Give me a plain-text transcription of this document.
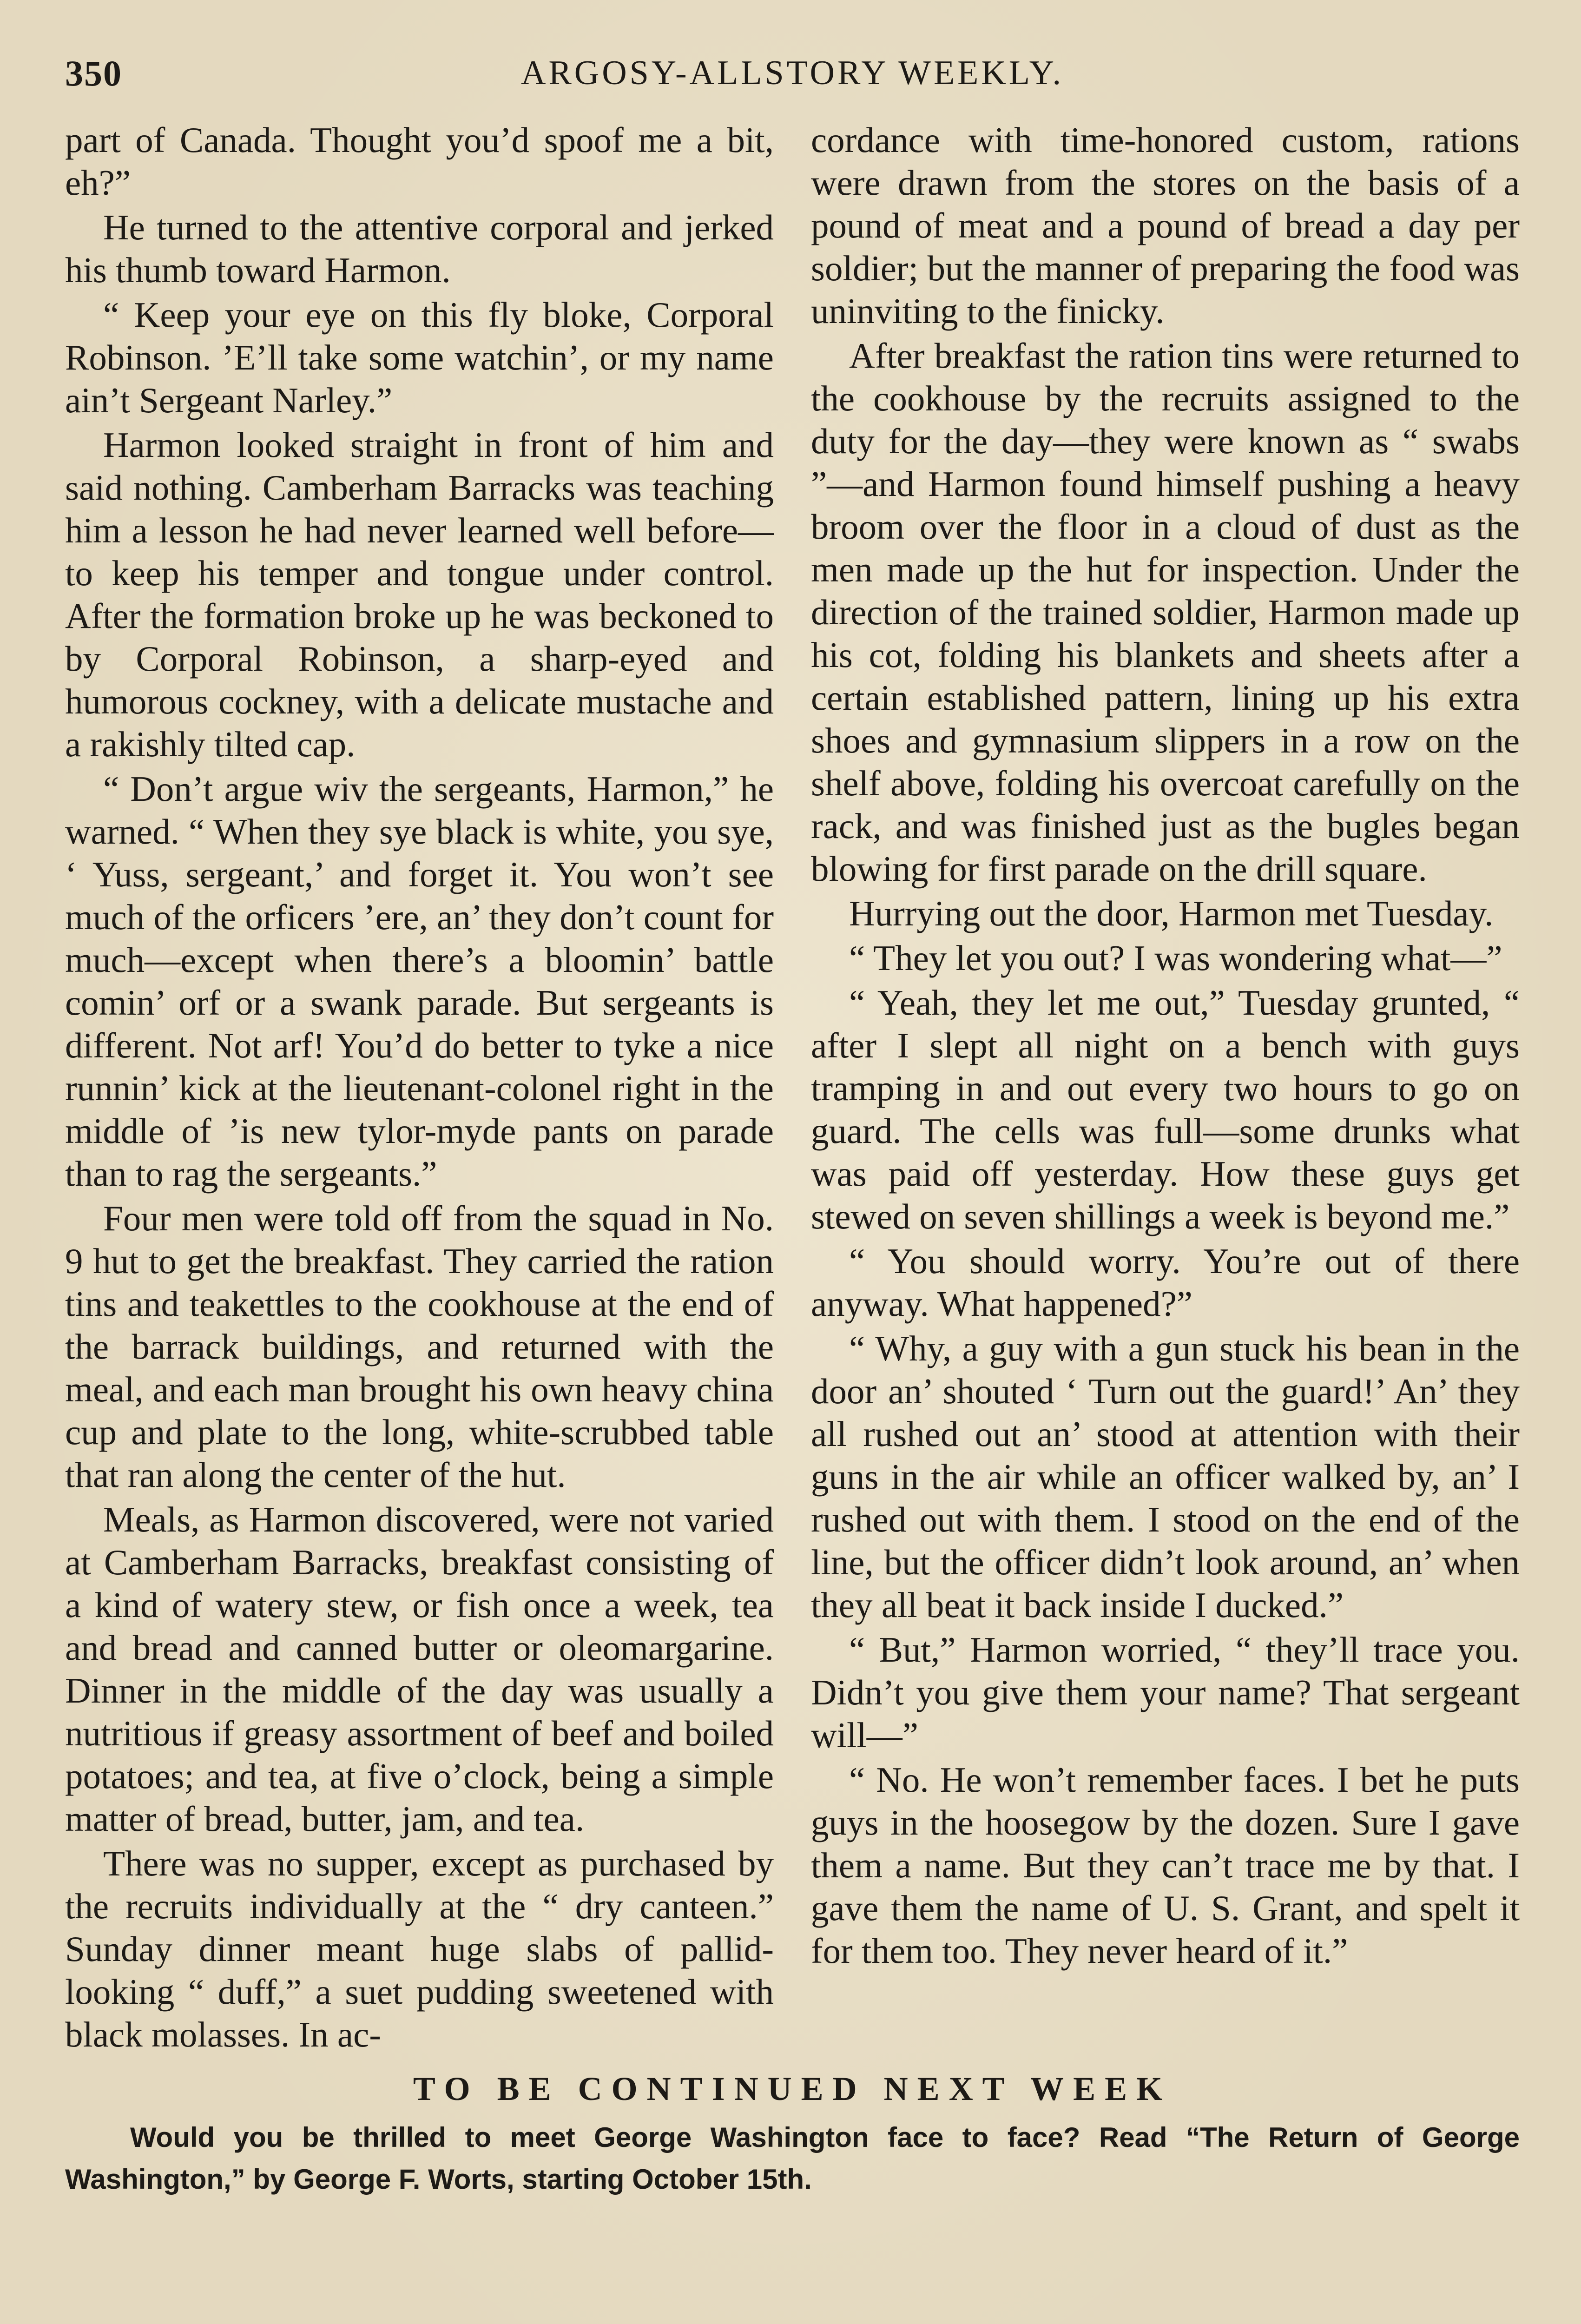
350	ARGOSY-ALLSTORY WEEKLY.

part of Canada. Thought you’d spoof me a bit, eh?”

He turned to the attentive corporal and jerked his thumb toward Harmon.

“ Keep your eye on this fly bloke, Corporal Robinson. ’E’ll take some watchin’, or my name ain’t Sergeant Narley.”

Harmon looked straight in front of him and said nothing. Camberham Barracks was teaching him a lesson he had never learned well before—to keep his temper and tongue under control. After the formation broke up he was beckoned to by Corporal Robinson, a sharp-eyed and humorous cockney, with a delicate mustache and a rakishly tilted cap.

“ Don’t argue wiv the sergeants, Harmon,” he warned. “ When they sye black is white, you sye, ‘ Yuss, sergeant,’ and forget it. You won’t see much of the orficers ’ere, an’ they don’t count for much—except when there’s a bloomin’ battle comin’ orf or a swank parade. But sergeants is different. Not arf! You’d do better to tyke a nice runnin’ kick at the lieutenant-colonel right in the middle of ’is new tylor-myde pants on parade than to rag the sergeants.”

Four men were told off from the squad in No. 9 hut to get the breakfast. They carried the ration tins and teakettles to the cookhouse at the end of the barrack buildings, and returned with the meal, and each man brought his own heavy china cup and plate to the long, white-scrubbed table that ran along the center of the hut.

Meals, as Harmon discovered, were not varied at Camberham Barracks, breakfast consisting of a kind of watery stew, or fish once a week, tea and bread and canned butter or oleomargarine. Dinner in the middle of the day was usually a nutritious if greasy assortment of beef and boiled potatoes; and tea, at five o’clock, being a simple matter of bread, butter, jam, and tea.

There was no supper, except as purchased by the recruits individually at the “ dry canteen.” Sunday dinner meant huge slabs of pallid-looking “ duff,” a suet pudding sweetened with black molasses. In ac-

cordance with time-honored custom, rations were drawn from the stores on the basis of a pound of meat and a pound of bread a day per soldier; but the manner of preparing the food was uninviting to the finicky.

After breakfast the ration tins were returned to the cookhouse by the recruits assigned to the duty for the day—they were known as “ swabs ”—and Harmon found himself pushing a heavy broom over the floor in a cloud of dust as the men made up the hut for inspection. Under the direction of the trained soldier, Harmon made up his cot, folding his blankets and sheets after a certain established pattern, lining up his extra shoes and gymnasium slippers in a row on the shelf above, folding his overcoat carefully on the rack, and was finished just as the bugles began blowing for first parade on the drill square.

Hurrying out the door, Harmon met Tuesday.

“ They let you out? I was wondering what—”

“ Yeah, they let me out,” Tuesday grunted, “ after I slept all night on a bench with guys tramping in and out every two hours to go on guard. The cells was full—some drunks what was paid off yesterday. How these guys get stewed on seven shillings a week is beyond me.”

“ You should worry. You’re out of there anyway. What happened?”

“ Why, a guy with a gun stuck his bean in the door an’ shouted ‘ Turn out the guard!’ An’ they all rushed out an’ stood at attention with their guns in the air while an officer walked by, an’ I rushed out with them. I stood on the end of the line, but the officer didn’t look around, an’ when they all beat it back inside I ducked.”

“ But,” Harmon worried, “ they’ll trace you. Didn’t you give them your name? That sergeant will—”

“ No. He won’t remember faces. I bet he puts guys in the hoosegow by the dozen. Sure I gave them a name. But they can’t trace me by that. I gave them the name of U. S. Grant, and spelt it for them too. They never heard of it.”

TO BE CONTINUED NEXT WEEK
Would you be thrilled to meet George Washington face to face? Read “The Return of George Washington,” by George F. Worts, starting October 15th.
